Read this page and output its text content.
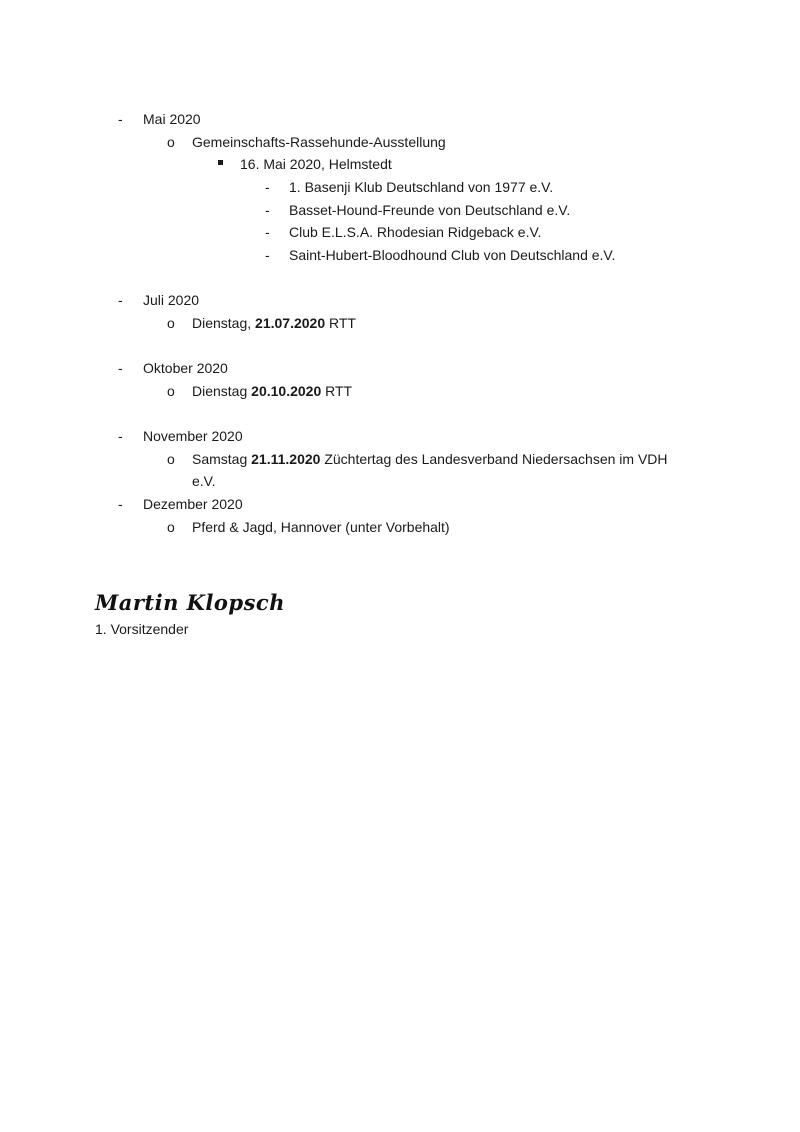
- Mai 2020
o Gemeinschafts-Rassehunde-Ausstellung
16. Mai 2020, Helmstedt
- 1. Basenji Klub Deutschland von 1977 e.V.
- Basset-Hound-Freunde von Deutschland e.V.
- Club E.L.S.A. Rhodesian Ridgeback e.V.
- Saint-Hubert-Bloodhound Club von Deutschland e.V.
- Juli 2020
o Dienstag, 21.07.2020 RTT
- Oktober 2020
o Dienstag 20.10.2020 RTT
- November 2020
o Samstag 21.11.2020 Züchtertag des Landesverband Niedersachsen im VDH
e.V.
- Dezember 2020
o Pferd & Jagd, Hannover (unter Vorbehalt)
Martin Klopsch
1. Vorsitzender
